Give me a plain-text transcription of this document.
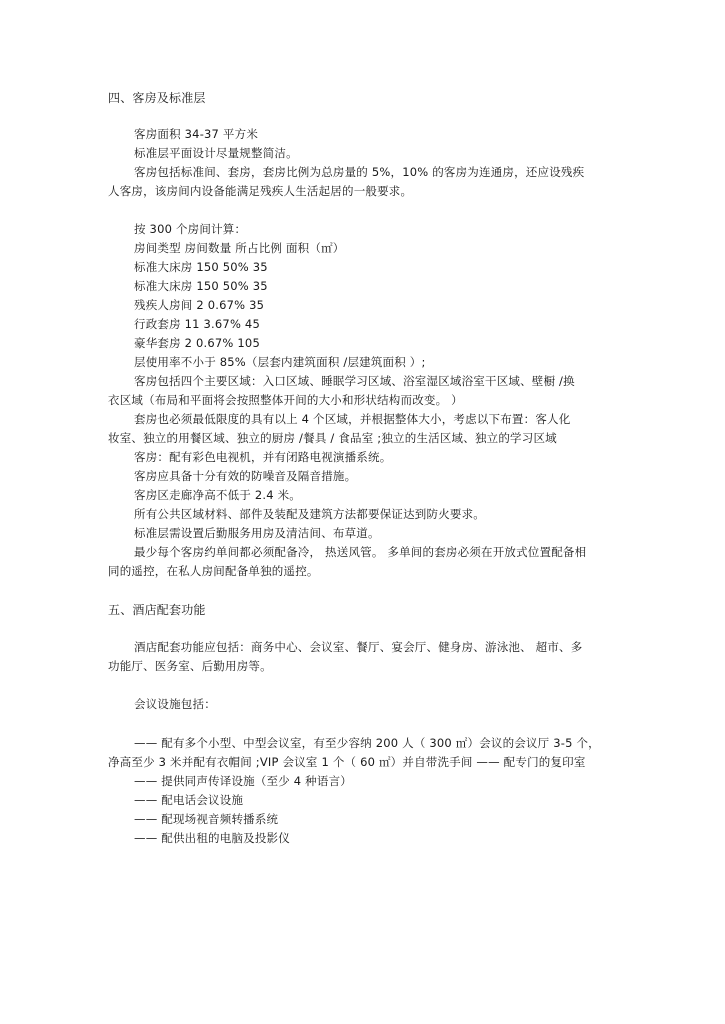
四、客房及标准层
客房面积 34-37 平方米
标准层平面设计尽量规整简洁。
客房包括标准间、套房，套房比例为总房量的 5%，10% 的客房为连通房，还应设残疾
人客房，该房间内设备能满足残疾人生活起居的一般要求。
按 300 个房间计算：
房间类型 房间数量 所占比例 面积（㎡）
标准大床房 150 50% 35
标准大床房 150 50% 35
残疾人房间 2 0.67% 35
行政套房 11 3.67% 45
豪华套房 2 0.67% 105
层使用率不小于 85%（层套内建筑面积 /层建筑面积 ）;
客房包括四个主要区域：入口区域、睡眠学习区域、浴室湿区域浴室干区域、壁橱 /换
衣区域（布局和平面将会按照整体开间的大小和形状结构而改变。 ）
套房也必须最低限度的具有以上 4 个区域，并根据整体大小，考虑以下布置：客人化
妆室、独立的用餐区域、独立的厨房 /餐具 / 食品室 ;独立的生活区域、独立的学习区域
客房：配有彩色电视机，并有闭路电视演播系统。
客房应具备十分有效的防噪音及隔音措施。
客房区走廊净高不低于 2.4 米。
所有公共区域材料、部件及装配及建筑方法都要保证达到防火要求。
标准层需设置后勤服务用房及清洁间、布草道。
最少每个客房约单间都必须配备冷， 热送风管。 多单间的套房必须在开放式位置配备相
同的遥控，在私人房间配备单独的遥控。
五、酒店配套功能
酒店配套功能应包括：商务中心、会议室、餐厅、宴会厅、健身房、游泳池、 超市、多
功能厅、医务室、后勤用房等。
会议设施包括：
—— 配有多个小型、中型会议室，有至少容纳 200 人（ 300 ㎡）会议的会议厅 3-5 个，
净高至少 3 米并配有衣帽间 ;VIP 会议室 1 个（ 60 ㎡）并自带洗手间 —— 配专门的复印室
—— 提供同声传译设施（至少 4 种语言）
—— 配电话会议设施
—— 配现场视音频转播系统
—— 配供出租的电脑及投影仪
